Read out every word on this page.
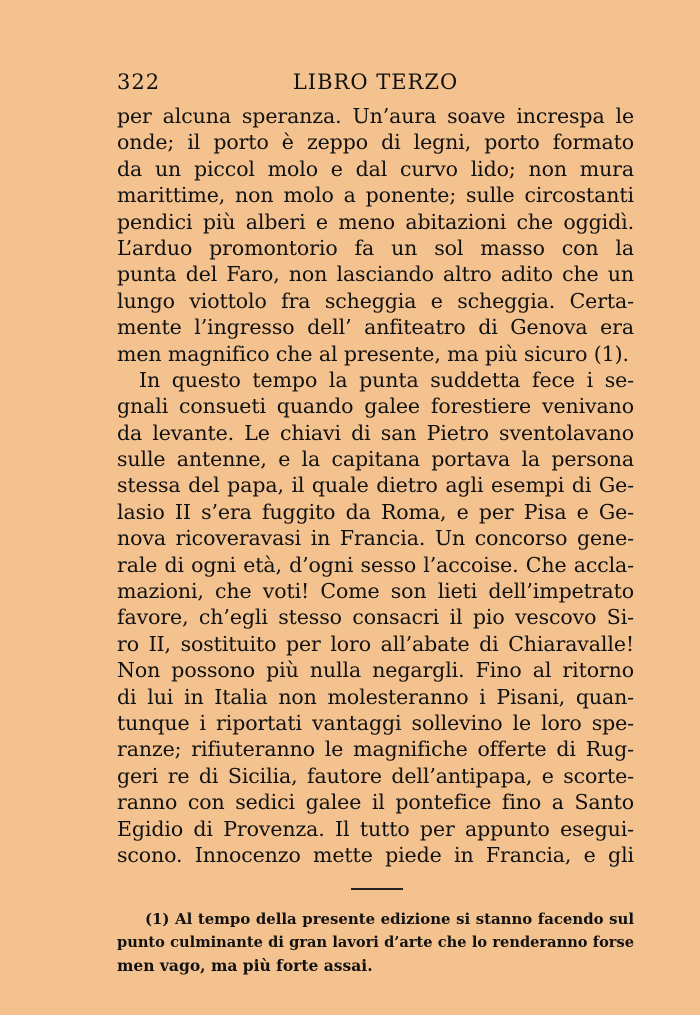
322	LIBRO TERZO
per alcuna speranza. Un’aura soave increspa le
onde; il porto è zeppo di legni, porto formato
da un piccol molo e dal curvo lido; non mura
marittime, non molo a ponente; sulle circostanti
pendici più alberi e meno abitazioni che oggidì.
L’arduo promontorio fa un sol masso con la
punta del Faro, non lasciando altro adito che un
lungo viottolo fra scheggia e scheggia. Certa-
mente l’ingresso dell’ anfiteatro di Genova era
men magnifico che al presente, ma più sicuro (1).
In questo tempo la punta suddetta fece i se-
gnali consueti quando galee forestiere venivano
da levante. Le chiavi di san Pietro sventolavano
sulle antenne, e la capitana portava la persona
stessa del papa, il quale dietro agli esempi di Ge-
lasio II s’era fuggito da Roma, e per Pisa e Ge-
nova ricoveravasi in Francia. Un concorso gene-
rale di ogni età, d’ogni sesso l’accoise. Che accla-
mazioni, che voti! Come son lieti dell’impetrato
favore, ch’egli stesso consacri il pio vescovo Si-
ro II, sostituito per loro all’abate di Chiaravalle!
Non possono più nulla negargli. Fino al ritorno
di lui in Italia non molesteranno i Pisani, quan-
tunque i riportati vantaggi sollevino le loro spe-
ranze; rifiuteranno le magnifiche offerte di Rug-
geri re di Sicilia, fautore dell’antipapa, e scorte-
ranno con sedici galee il pontefice fino a Santo
Egidio di Provenza. Il tutto per appunto esegui-
scono. Innocenzo mette piede in Francia, e gli
(1) Al tempo della presente edizione si stanno facendo sul
punto culminante di gran lavori d’arte che lo renderanno forse
men vago, ma più forte assai.
